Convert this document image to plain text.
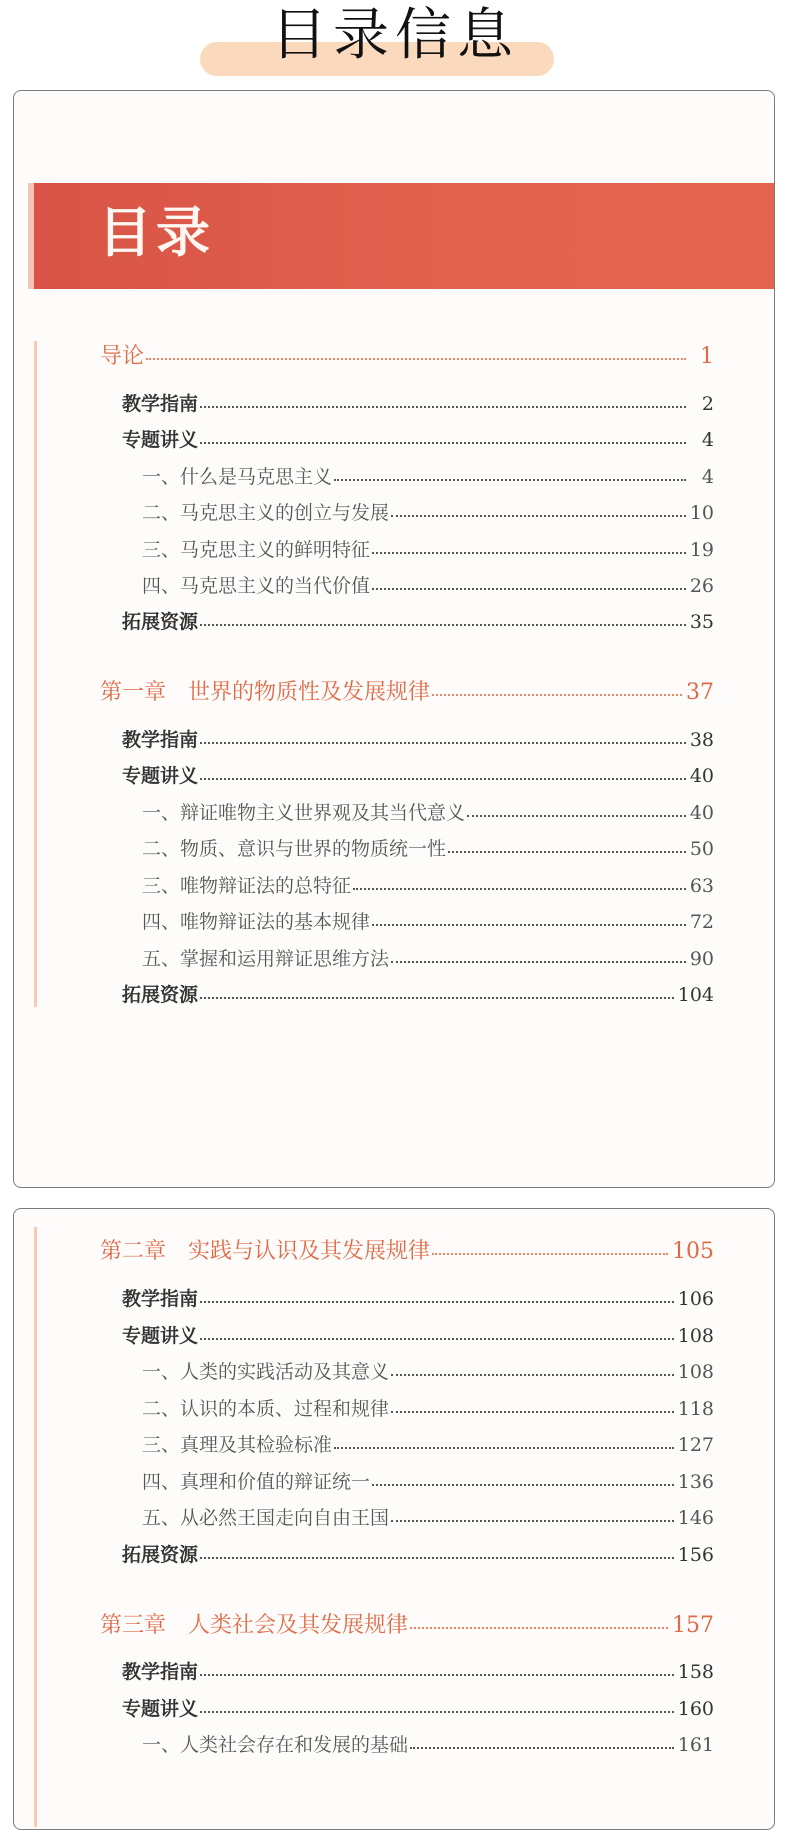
目录信息
目录
导论	1
教学指南	2
专题讲义	4
一、什么是马克思主义	4
二、马克思主义的创立与发展	10
三、马克思主义的鲜明特征	19
四、马克思主义的当代价值	26
拓展资源	35
第一章　世界的物质性及发展规律	37
教学指南	38
专题讲义	40
一、辩证唯物主义世界观及其当代意义	40
二、物质、意识与世界的物质统一性	50
三、唯物辩证法的总特征	63
四、唯物辩证法的基本规律	72
五、掌握和运用辩证思维方法	90
拓展资源	104
第二章　实践与认识及其发展规律	105
教学指南	106
专题讲义	108
一、人类的实践活动及其意义	108
二、认识的本质、过程和规律	118
三、真理及其检验标准	127
四、真理和价值的辩证统一	136
五、从必然王国走向自由王国	146
拓展资源	156
第三章　人类社会及其发展规律	157
教学指南	158
专题讲义	160
一、人类社会存在和发展的基础	161
